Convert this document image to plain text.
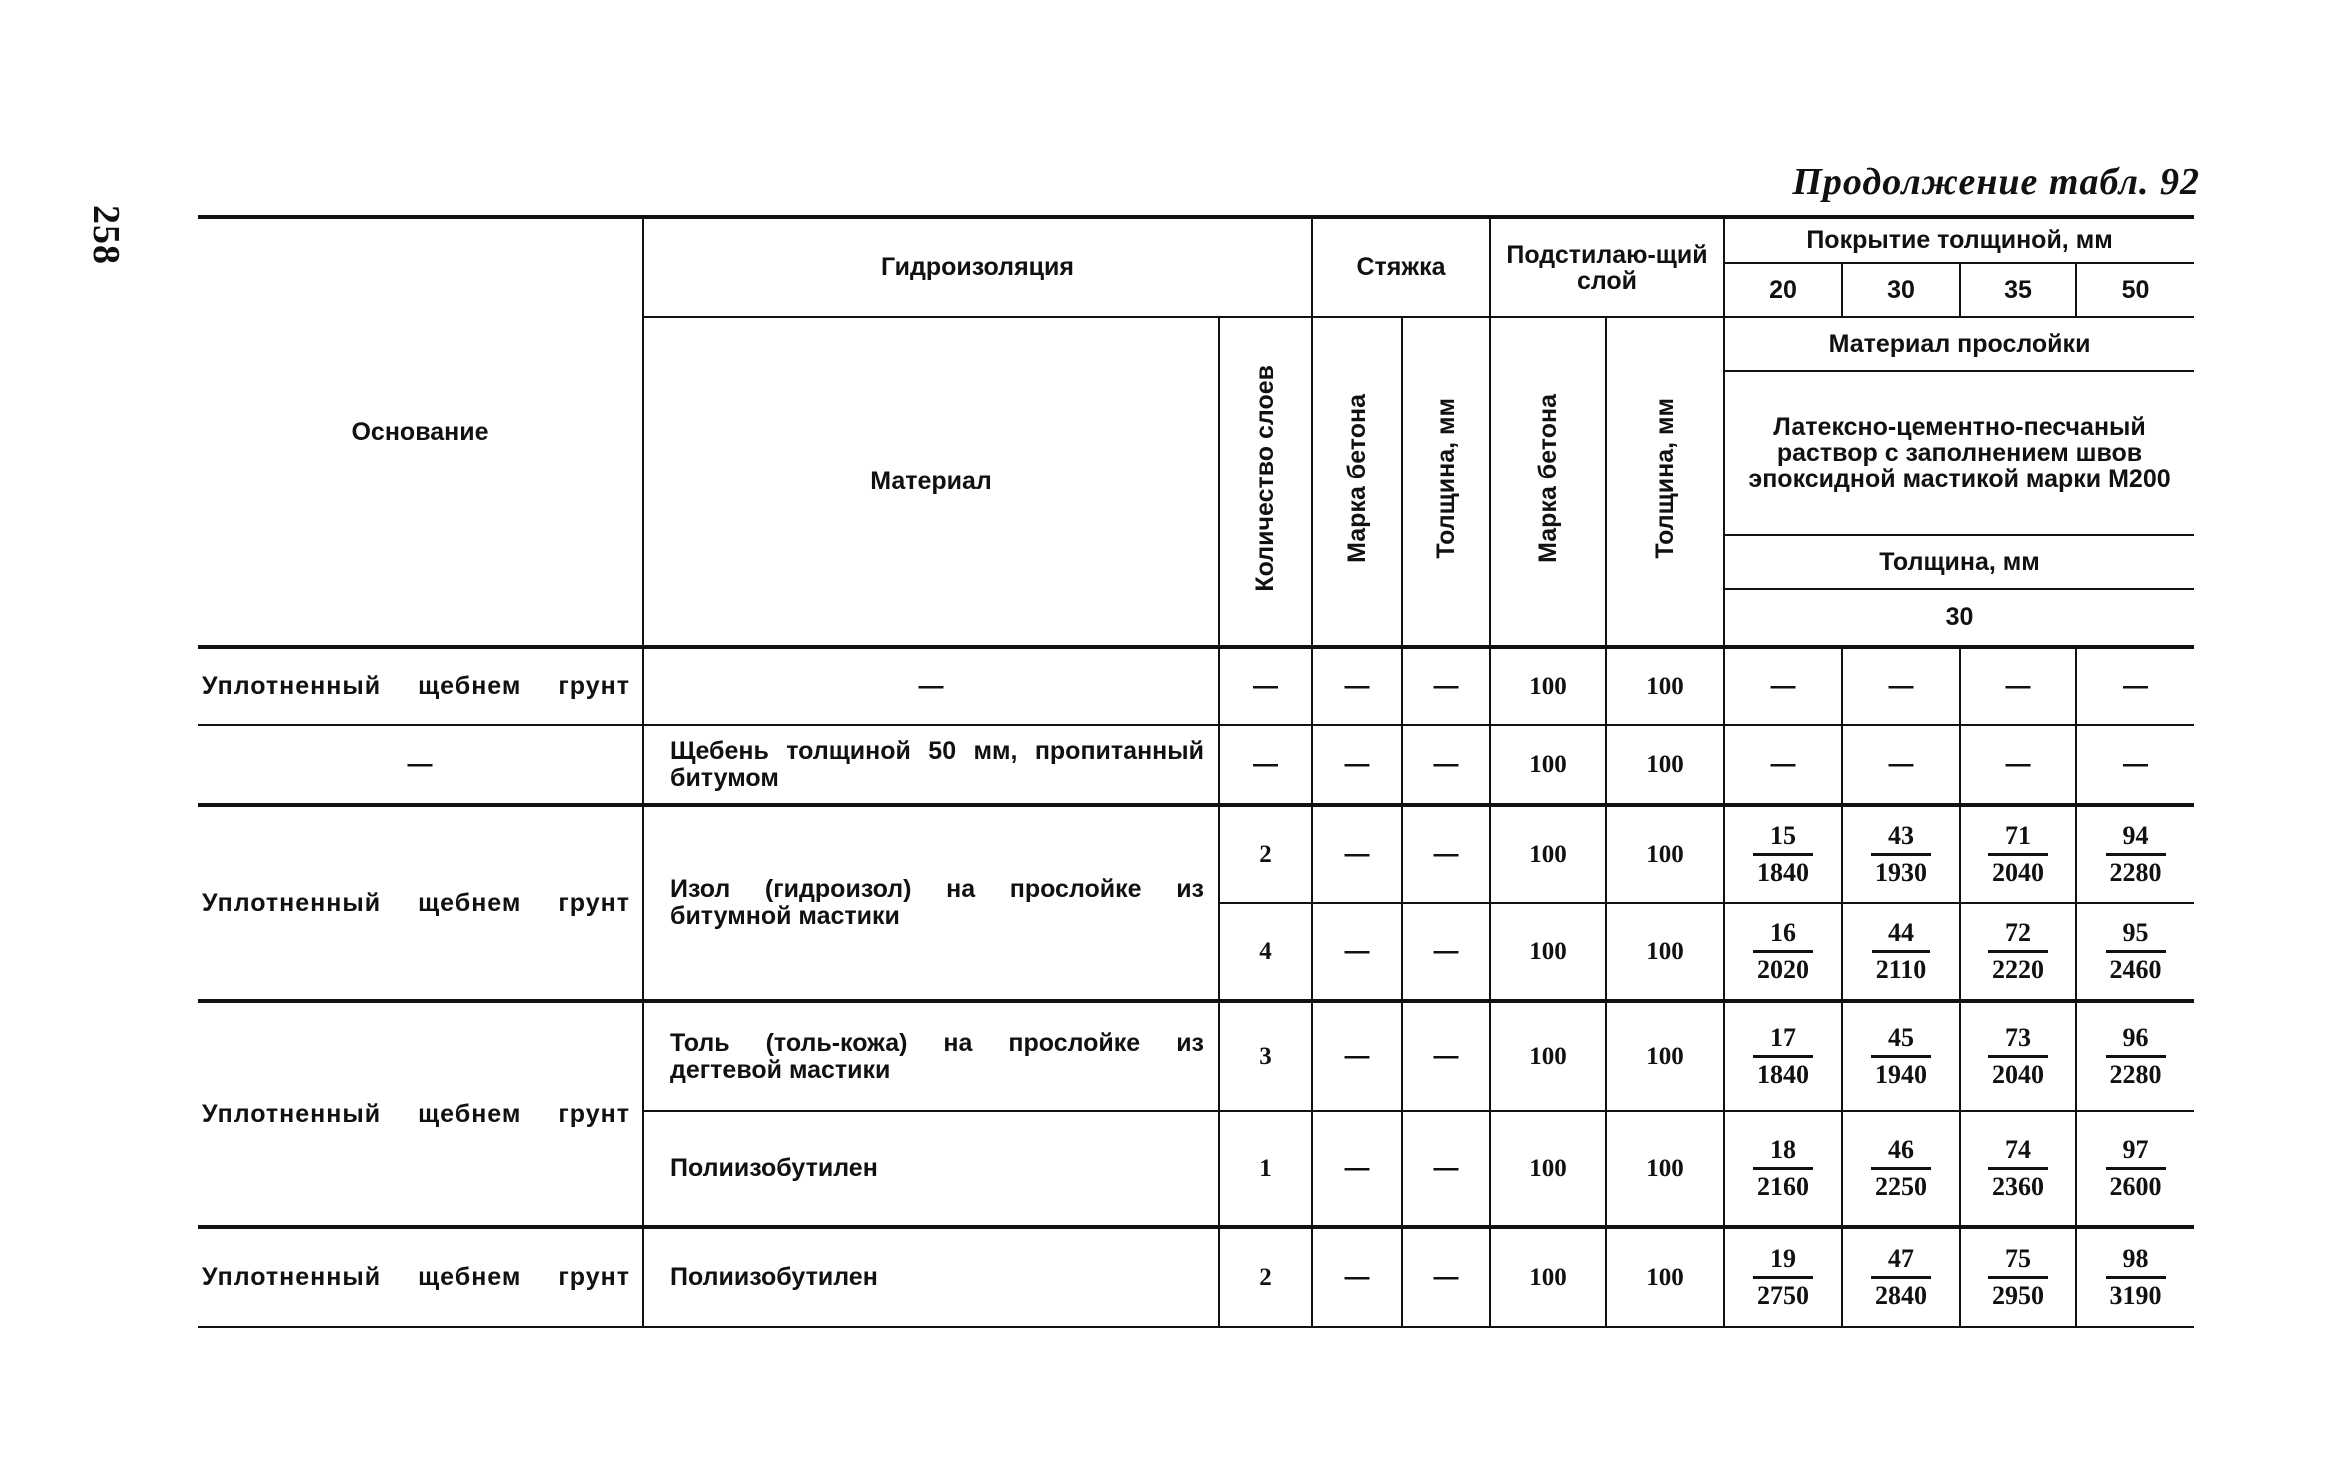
258
Продолжение табл. 92
Основание	Гидроизоляция		Стяжка		Подстилаю-щий слой		Покрытие толщиной, мм			
							20	30	35	50
	Материал	Количество слоев	Марка бетона	Толщина, мм	Марка бетона	Толщина, мм	Материал прослойки			
							Латексно-цементно-песчаный раствор с заполнением швов эпоксидной мастикой марки М200			
							Толщина, мм			
							30			
Уплотненный щебнем грунт	—	—	—	—	100	100	—	—	—	—
—	Щебень толщиной 50 мм, пропитанный битумом	—	—	—	100	100	—	—	—	—
Уплотненный щебнем грунт	Изол (гидроизол) на прослойке из битумной мастики	2	—	—	100	100	$\frac{15}{1840}$	$\frac{43}{1930}$	$\frac{71}{2040}$	$\frac{94}{2280}$

		4	—	—	100	100	$\frac{16}{2020}$	$\frac{44}{2110}$	$\frac{72}{2220}$	$\frac{95}{2460}$

Уплотненный щебнем грунт	Толь (толь-кожа) на прослойке из дегтевой мастики	3	—	—	100	100	$\frac{17}{1840}$	$\frac{45}{1940}$	$\frac{73}{2040}$	$\frac{96}{2280}$

	Полиизобутилен	1	—	—	100	100	$\frac{18}{2160}$	$\frac{46}{2250}$	$\frac{74}{2360}$	$\frac{97}{2600}$

Уплотненный щебнем грунт	Полиизобутилен	2	—	—	100	100	$\frac{19}{2750}$	$\frac{47}{2840}$	$\frac{75}{2950}$	$\frac{98}{3190}$
